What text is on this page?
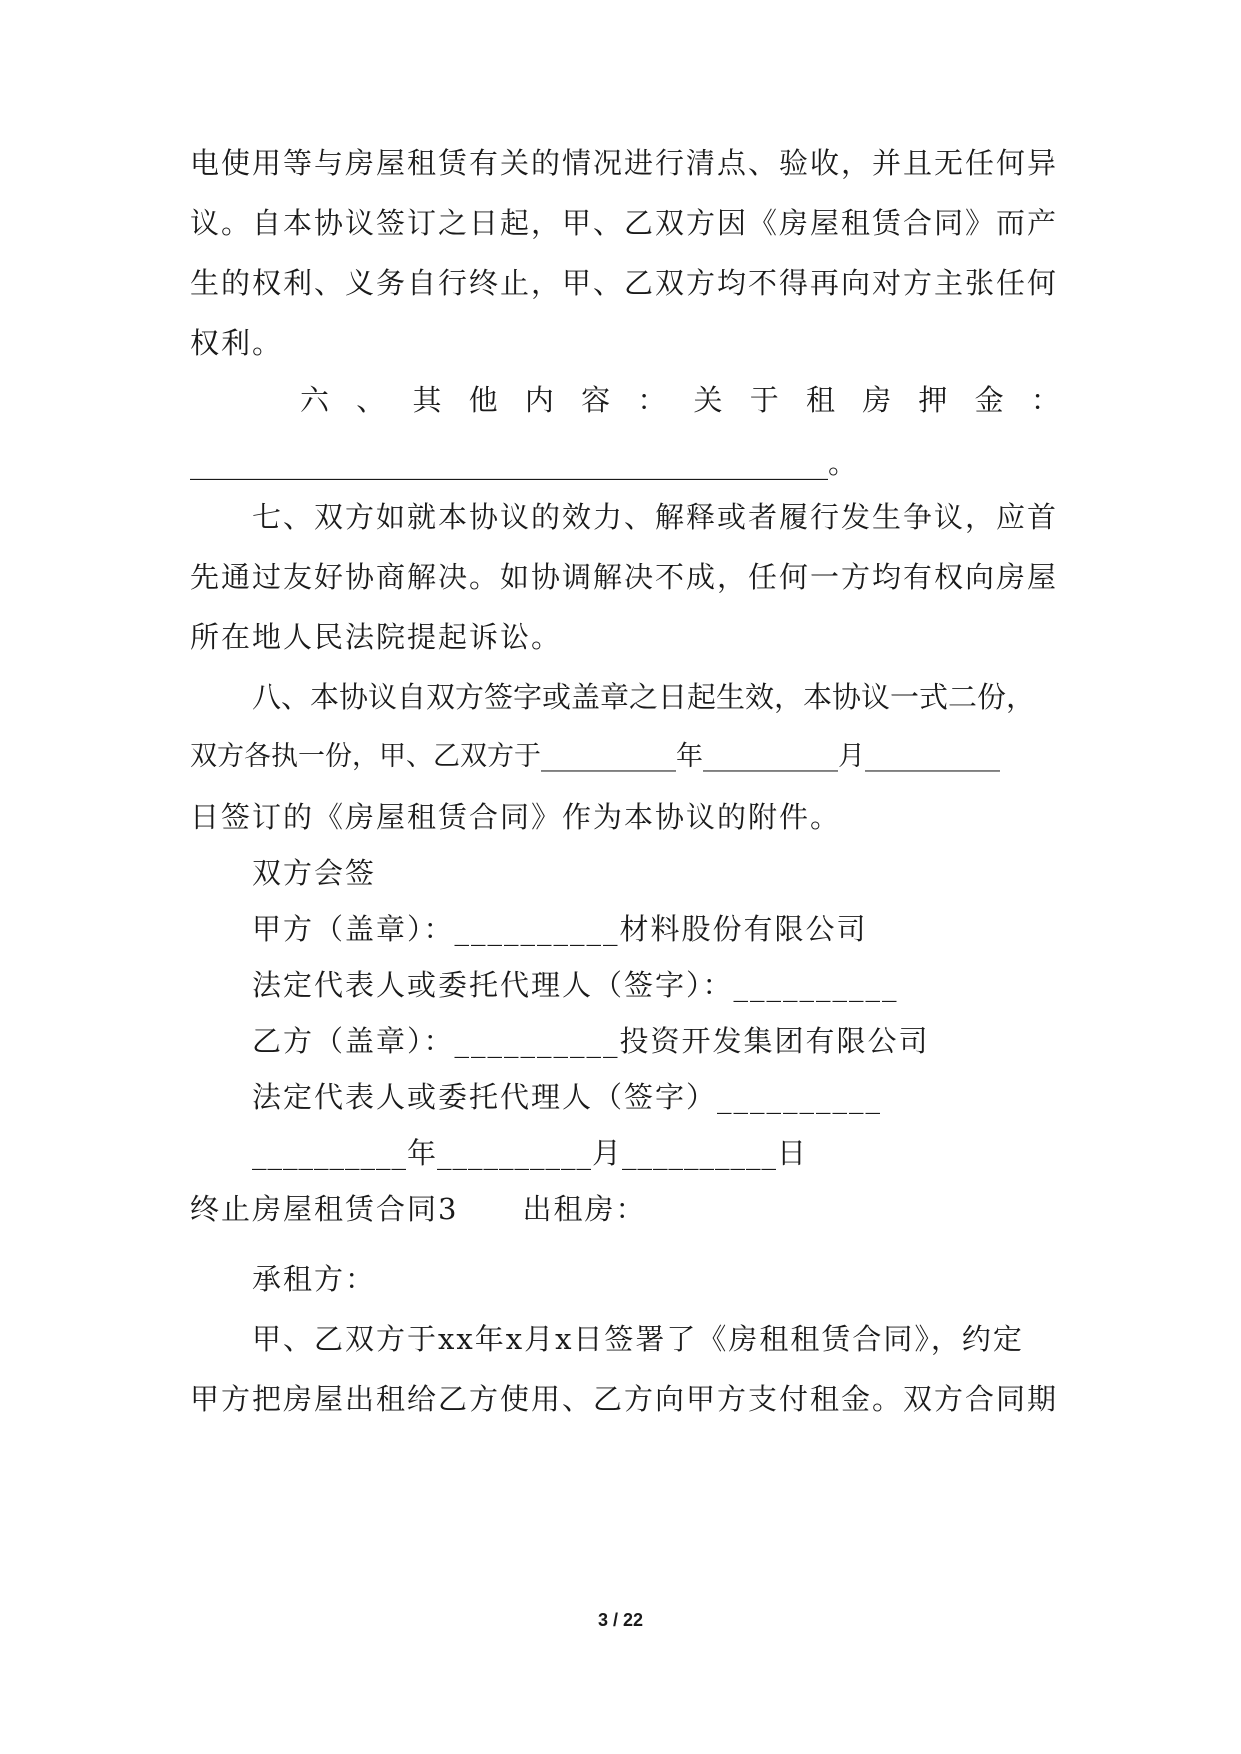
电使用等与房屋租赁有关的情况进行清点、验收，并且无任何异
议。自本协议签订之日起，甲、乙双方因《房屋租赁合同》而产
生的权利、义务自行终止，甲、乙双方均不得再向对方主张任何
权利。
六 、 其 他 内 容 ： 关 于 租 房 押 金 ：
____________________________________________。
七、双方如就本协议的效力、解释或者履行发生争议，应首
先通过友好协商解决。如协调解决不成，任何一方均有权向房屋
所在地人民法院提起诉讼。
八、本协议自双方签字或盖章之日起生效，本协议一式二份，
双方各执一份，甲、乙双方于__________年__________月__________
日签订的《房屋租赁合同》作为本协议的附件。
双方会签
甲方（盖章）：__________材料股份有限公司
法定代表人或委托代理人（签字）：__________
乙方（盖章）：__________投资开发集团有限公司
法定代表人或委托代理人（签字）__________
__________年__________月__________日
终止房屋租赁合同3 出租房：
承租方：
甲、乙双方于xx年x月x日签署了《房租租赁合同》，约定
甲方把房屋出租给乙方使用、乙方向甲方支付租金。双方合同期
3 / 22
